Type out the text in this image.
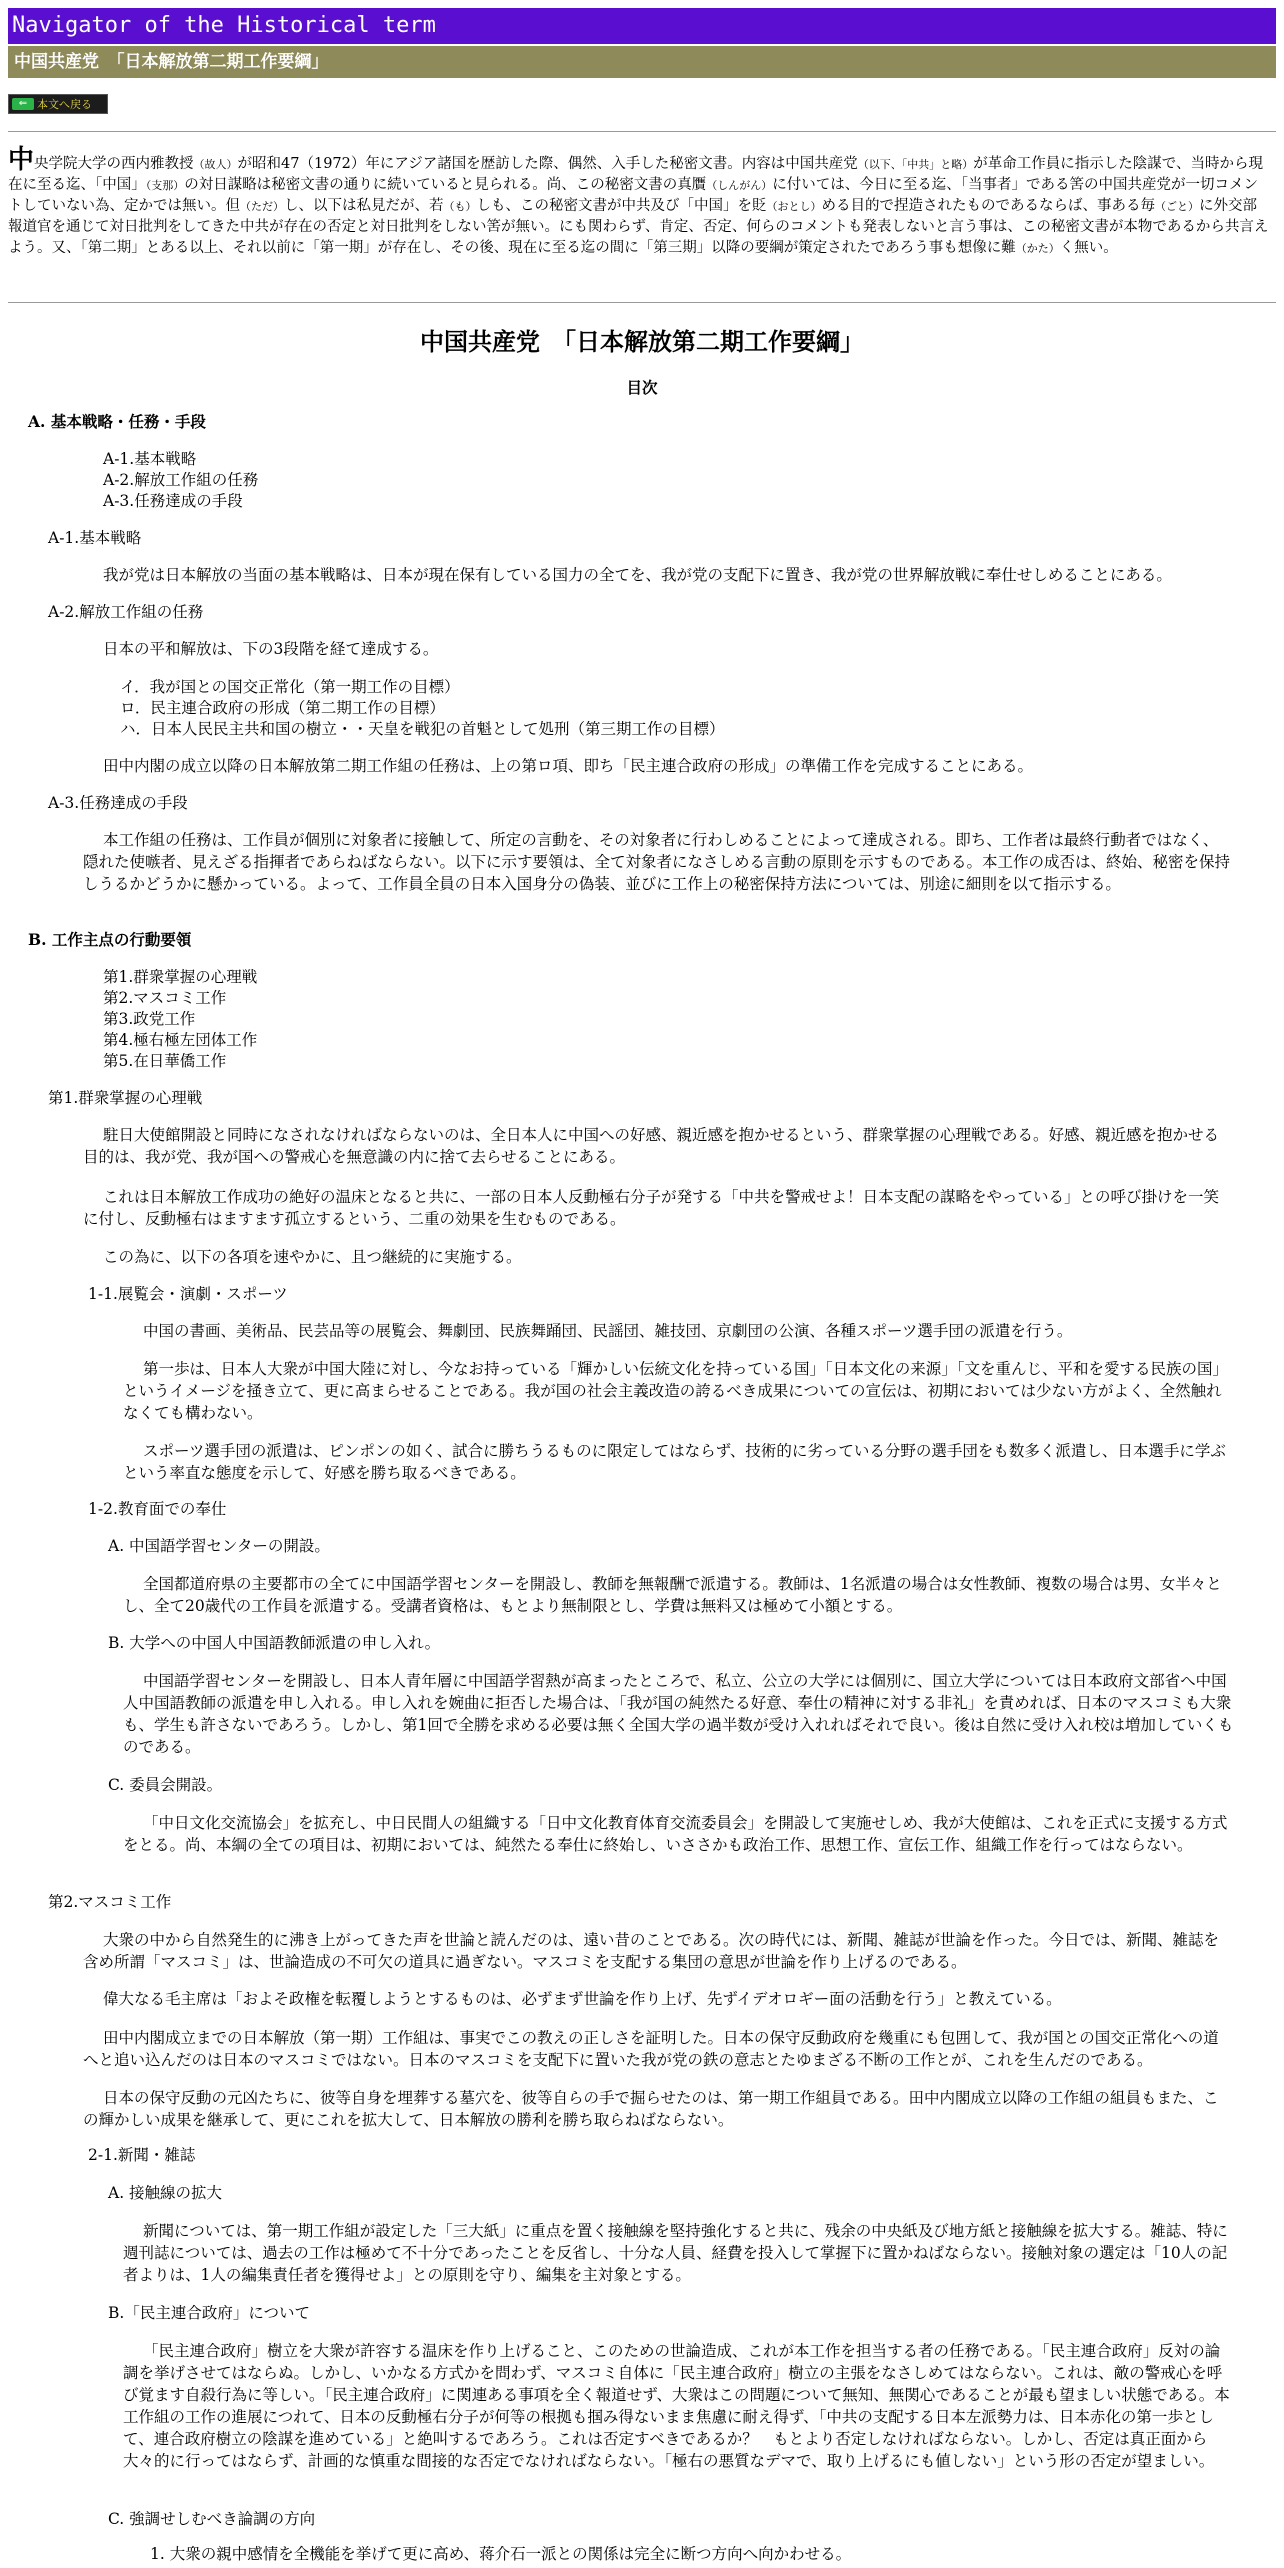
Navigator of the Historical term
中国共産党　「日本解放第二期工作要綱」
⇐ 本文へ戻る
中央学院大学の西内雅教授（故人）が昭和47（1972）年にアジア諸国を歴訪した際、偶然、入手した秘密文書。内容は中国共産党（以下、「中共」と略）が革命工作員に指示した陰謀で、当時から現在に至る迄、「中国」（支那）の対日謀略は秘密文書の通りに続いていると見られる。尚、この秘密文書の真贋（しんがん）に付いては、今日に至る迄、「当事者」である筈の中国共産党が一切コメントしていない為、定かでは無い。但（ただ）し、以下は私見だが、若（も）しも、この秘密文書が中共及び「中国」を貶（おとし）める目的で捏造されたものであるならば、事ある毎（ごと）に外交部報道官を通じて対日批判をしてきた中共が存在の否定と対日批判をしない筈が無い。にも関わらず、肯定、否定、何らのコメントも発表しないと言う事は、この秘密文書が本物であるから共言えよう。又、「第二期」とある以上、それ以前に「第一期」が存在し、その後、現在に至る迄の間に「第三期」以降の要綱が策定されたであろう事も想像に難（かた）く無い。
中国共産党　「日本解放第二期工作要綱」
目次
A. 基本戦略・任務・手段
A-1.基本戦略
A-2.解放工作組の任務
A-3.任務達成の手段
A-1.基本戦略
我が党は日本解放の当面の基本戦略は、日本が現在保有している国力の全てを、我が党の支配下に置き、我が党の世界解放戦に奉仕せしめることにある。
A-2.解放工作組の任務
日本の平和解放は、下の3段階を経て達成する。
イ．我が国との国交正常化（第一期工作の目標）
ロ．民主連合政府の形成（第二期工作の目標）
ハ．日本人民民主共和国の樹立・・天皇を戦犯の首魁として処刑（第三期工作の目標）
田中内閣の成立以降の日本解放第二期工作組の任務は、上の第ロ項、即ち「民主連合政府の形成」の準備工作を完成することにある。
A-3.任務達成の手段
本工作組の任務は、工作員が個別に対象者に接触して、所定の言動を、その対象者に行わしめることによって達成される。即ち、工作者は最終行動者ではなく、隠れた使嗾者、見えざる指揮者であらねばならない。以下に示す要領は、全て対象者になさしめる言動の原則を示すものである。本工作の成否は、終始、秘密を保持しうるかどうかに懸かっている。よって、工作員全員の日本入国身分の偽装、並びに工作上の秘密保持方法については、別途に細則を以て指示する。
B. 工作主点の行動要領
第1.群衆掌握の心理戦
第2.マスコミ工作
第3.政党工作
第4.極右極左団体工作
第5.在日華僑工作
第1.群衆掌握の心理戦
駐日大使館開設と同時になされなければならないのは、全日本人に中国への好感、親近感を抱かせるという、群衆掌握の心理戦である。好感、親近感を抱かせる目的は、我が党、我が国への警戒心を無意識の内に捨て去らせることにある。
これは日本解放工作成功の絶好の温床となると共に、一部の日本人反動極右分子が発する「中共を警戒せよ！日本支配の謀略をやっている」との呼び掛けを一笑に付し、反動極右はますます孤立するという、二重の効果を生むものである。
この為に、以下の各項を速やかに、且つ継続的に実施する。
1-1.展覧会・演劇・スポーツ
中国の書画、美術品、民芸品等の展覧会、舞劇団、民族舞踊団、民謡団、雑技団、京劇団の公演、各種スポーツ選手団の派遣を行う。
第一歩は、日本人大衆が中国大陸に対し、今なお持っている「輝かしい伝統文化を持っている国」「日本文化の来源」「文を重んじ、平和を愛する民族の国」というイメージを掻き立て、更に高まらせることである。我が国の社会主義改造の誇るべき成果についての宣伝は、初期においては少ない方がよく、全然触れなくても構わない。
スポーツ選手団の派遣は、ピンポンの如く、試合に勝ちうるものに限定してはならず、技術的に劣っている分野の選手団をも数多く派遣し、日本選手に学ぶという率直な態度を示して、好感を勝ち取るべきである。
1-2.教育面での奉仕
A. 中国語学習センターの開設。
全国都道府県の主要都市の全てに中国語学習センターを開設し、教師を無報酬で派遣する。教師は、1名派遣の場合は女性教師、複数の場合は男、女半々とし、全て20歳代の工作員を派遣する。受講者資格は、もとより無制限とし、学費は無料又は極めて小額とする。
B. 大学への中国人中国語教師派遣の申し入れ。
中国語学習センターを開設し、日本人青年層に中国語学習熱が高まったところで、私立、公立の大学には個別に、国立大学については日本政府文部省へ中国人中国語教師の派遣を申し入れる。申し入れを婉曲に拒否した場合は、「我が国の純然たる好意、奉仕の精神に対する非礼」を責めれば、日本のマスコミも大衆も、学生も許さないであろう。しかし、第1回で全勝を求める必要は無く全国大学の過半数が受け入れればそれで良い。後は自然に受け入れ校は増加していくものである。
C. 委員会開設。
「中日文化交流協会」を拡充し、中日民間人の組織する「日中文化教育体育交流委員会」を開設して実施せしめ、我が大使館は、これを正式に支援する方式をとる。尚、本綱の全ての項目は、初期においては、純然たる奉仕に終始し、いささかも政治工作、思想工作、宣伝工作、組織工作を行ってはならない。
第2.マスコミ工作
大衆の中から自然発生的に沸き上がってきた声を世論と読んだのは、遠い昔のことである。次の時代には、新聞、雑誌が世論を作った。今日では、新聞、雑誌を含め所謂「マスコミ」は、世論造成の不可欠の道具に過ぎない。マスコミを支配する集団の意思が世論を作り上げるのである。
偉大なる毛主席は「およそ政権を転覆しようとするものは、必ずまず世論を作り上げ、先ずイデオロギー面の活動を行う」と教えている。
田中内閣成立までの日本解放（第一期）工作組は、事実でこの教えの正しさを証明した。日本の保守反動政府を幾重にも包囲して、我が国との国交正常化への道へと追い込んだのは日本のマスコミではない。日本のマスコミを支配下に置いた我が党の鉄の意志とたゆまざる不断の工作とが、これを生んだのである。
日本の保守反動の元凶たちに、彼等自身を埋葬する墓穴を、彼等自らの手で掘らせたのは、第一期工作組員である。田中内閣成立以降の工作組の組員もまた、この輝かしい成果を継承して、更にこれを拡大して、日本解放の勝利を勝ち取らねばならない。
2-1.新聞・雑誌
A. 接触線の拡大
新聞については、第一期工作組が設定した「三大紙」に重点を置く接触線を堅持強化すると共に、残余の中央紙及び地方紙と接触線を拡大する。雑誌、特に週刊誌については、過去の工作は極めて不十分であったことを反省し、十分な人員、経費を投入して掌握下に置かねばならない。接触対象の選定は「10人の記者よりは、1人の編集責任者を獲得せよ」との原則を守り、編集を主対象とする。
B.「民主連合政府」について
「民主連合政府」樹立を大衆が許容する温床を作り上げること、このための世論造成、これが本工作を担当する者の任務である。「民主連合政府」反対の論調を挙げさせてはならぬ。しかし、いかなる方式かを問わず、マスコミ自体に「民主連合政府」樹立の主張をなさしめてはならない。これは、敵の警戒心を呼び覚ます自殺行為に等しい。「民主連合政府」に関連ある事項を全く報道せず、大衆はこの問題について無知、無関心であることが最も望ましい状態である。本工作組の工作の進展につれて、日本の反動極右分子が何等の根拠も掴み得ないまま焦慮に耐え得ず、「中共の支配する日本左派勢力は、日本赤化の第一歩として、連合政府樹立の陰謀を進めている」と絶叫するであろう。これは否定すべきであるか？　もとより否定しなければならない。しかし、否定は真正面から大々的に行ってはならず、計画的な慎重な間接的な否定でなければならない。「極右の悪質なデマで、取り上げるにも値しない」という形の否定が望ましい。
C. 強調せしむべき論調の方向
1. 大衆の親中感情を全機能を挙げて更に高め、蒋介石一派との関係は完全に断つ方向へ向かわせる。
